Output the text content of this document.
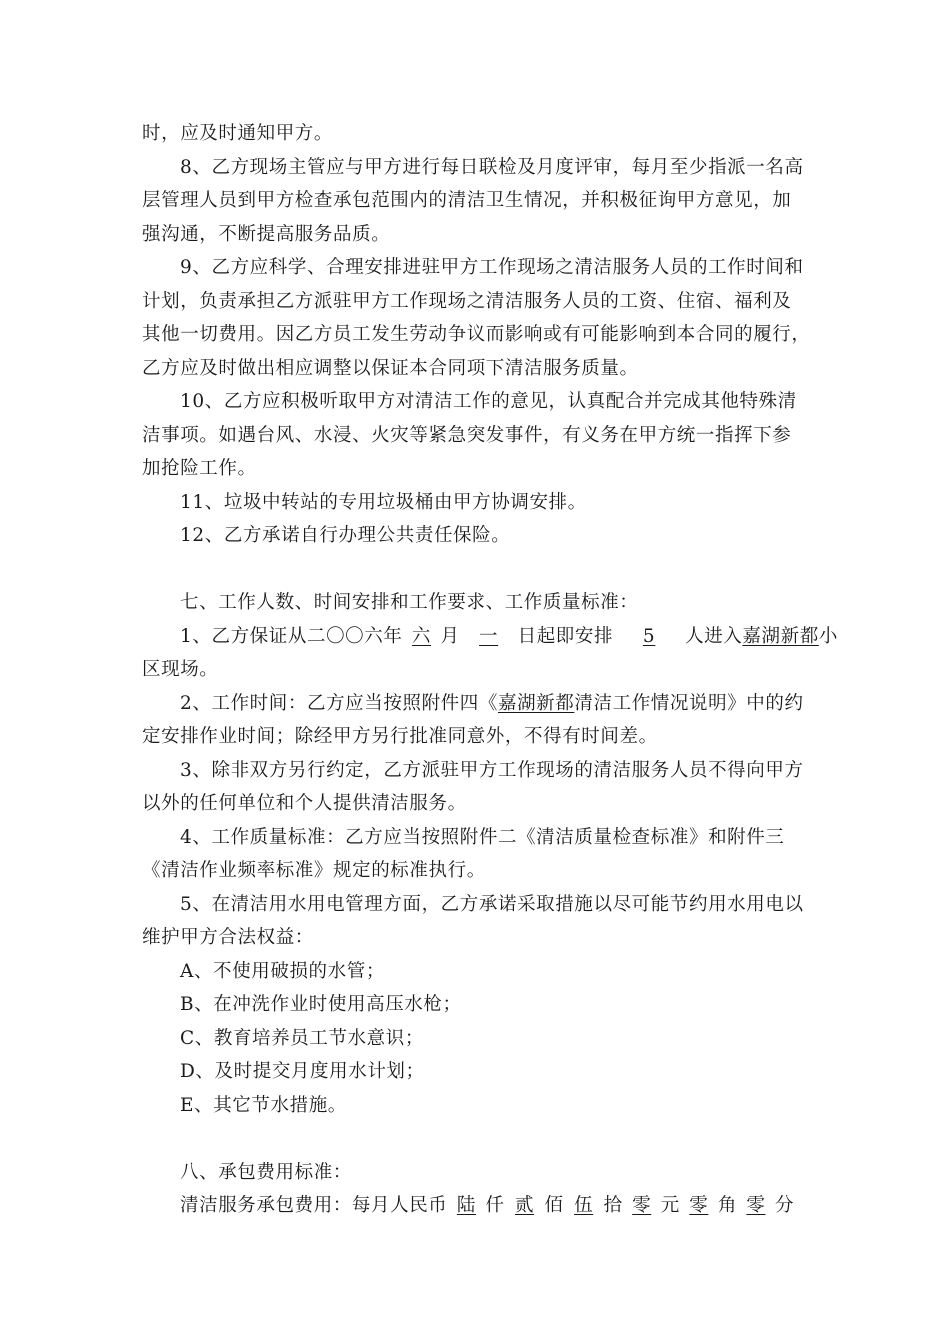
时，应及时通知甲方。

8、乙方现场主管应与甲方进行每日联检及月度评审，每月至少指派一名高

层管理人员到甲方检查承包范围内的清洁卫生情况，并积极征询甲方意见，加

强沟通，不断提高服务品质。

9、乙方应科学、合理安排进驻甲方工作现场之清洁服务人员的工作时间和

计划，负责承担乙方派驻甲方工作现场之清洁服务人员的工资、住宿、福利及

其他一切费用。因乙方员工发生劳动争议而影响或有可能影响到本合同的履行，

乙方应及时做出相应调整以保证本合同项下清洁服务质量。

10、乙方应积极听取甲方对清洁工作的意见，认真配合并完成其他特殊清

洁事项。如遇台风、水浸、火灾等紧急突发事件，有义务在甲方统一指挥下参

加抢险工作。

11、垃圾中转站的专用垃圾桶由甲方协调安排。

12、乙方承诺自行办理公共责任保险。

七、工作人数、时间安排和工作要求、工作质量标准：

1、乙方保证从二〇〇六年 六 月 一 日起即安排 5 人进入嘉湖新都小

区现场。

2、工作时间：乙方应当按照附件四《嘉湖新都清洁工作情况说明》中的约

定安排作业时间；除经甲方另行批准同意外，不得有时间差。

3、除非双方另行约定，乙方派驻甲方工作现场的清洁服务人员不得向甲方

以外的任何单位和个人提供清洁服务。

4、工作质量标准：乙方应当按照附件二《清洁质量检查标准》和附件三

《清洁作业频率标准》规定的标准执行。

5、在清洁用水用电管理方面，乙方承诺采取措施以尽可能节约用水用电以

维护甲方合法权益：

A、不使用破损的水管；

B、在冲洗作业时使用高压水枪；

C、教育培养员工节水意识；

D、及时提交月度用水计划；

E、其它节水措施。

八、承包费用标准：

清洁服务承包费用：每月人民币 陆 仟 贰 佰 伍 拾 零 元 零 角 零 分
